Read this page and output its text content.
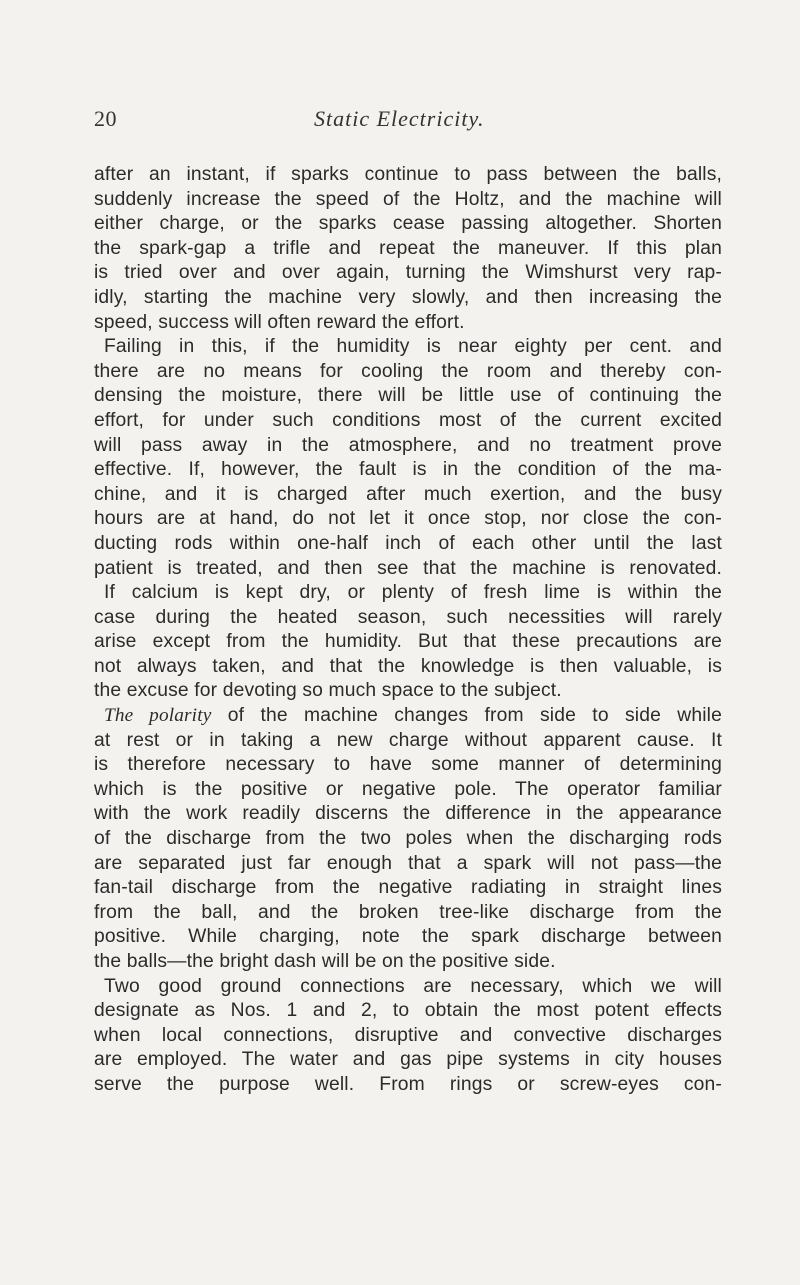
20	Static Electricity.
after an instant, if sparks continue to pass between the balls,
suddenly increase the speed of the Holtz, and the machine will
either charge, or the sparks cease passing altogether. Shorten
the spark-gap a trifle and repeat the maneuver. If this plan
is tried over and over again, turning the Wimshurst very rap-
idly, starting the machine very slowly, and then increasing the
speed, success will often reward the effort.
Failing in this, if the humidity is near eighty per cent. and
there are no means for cooling the room and thereby con-
densing the moisture, there will be little use of continuing the
effort, for under such conditions most of the current excited
will pass away in the atmosphere, and no treatment prove
effective. If, however, the fault is in the condition of the ma-
chine, and it is charged after much exertion, and the busy
hours are at hand, do not let it once stop, nor close the con-
ducting rods within one-half inch of each other until the last
patient is treated, and then see that the machine is renovated.
If calcium is kept dry, or plenty of fresh lime is within the
case during the heated season, such necessities will rarely
arise except from the humidity. But that these precautions are
not always taken, and that the knowledge is then valuable, is
the excuse for devoting so much space to the subject.
The polarity of the machine changes from side to side while
at rest or in taking a new charge without apparent cause. It
is therefore necessary to have some manner of determining
which is the positive or negative pole. The operator familiar
with the work readily discerns the difference in the appearance
of the discharge from the two poles when the discharging rods
are separated just far enough that a spark will not pass—the
fan-tail discharge from the negative radiating in straight lines
from the ball, and the broken tree-like discharge from the
positive. While charging, note the spark discharge between
the balls—the bright dash will be on the positive side.
Two good ground connections are necessary, which we will
designate as Nos. 1 and 2, to obtain the most potent effects
when local connections, disruptive and convective discharges
are employed. The water and gas pipe systems in city houses
serve the purpose well. From rings or screw-eyes con-
